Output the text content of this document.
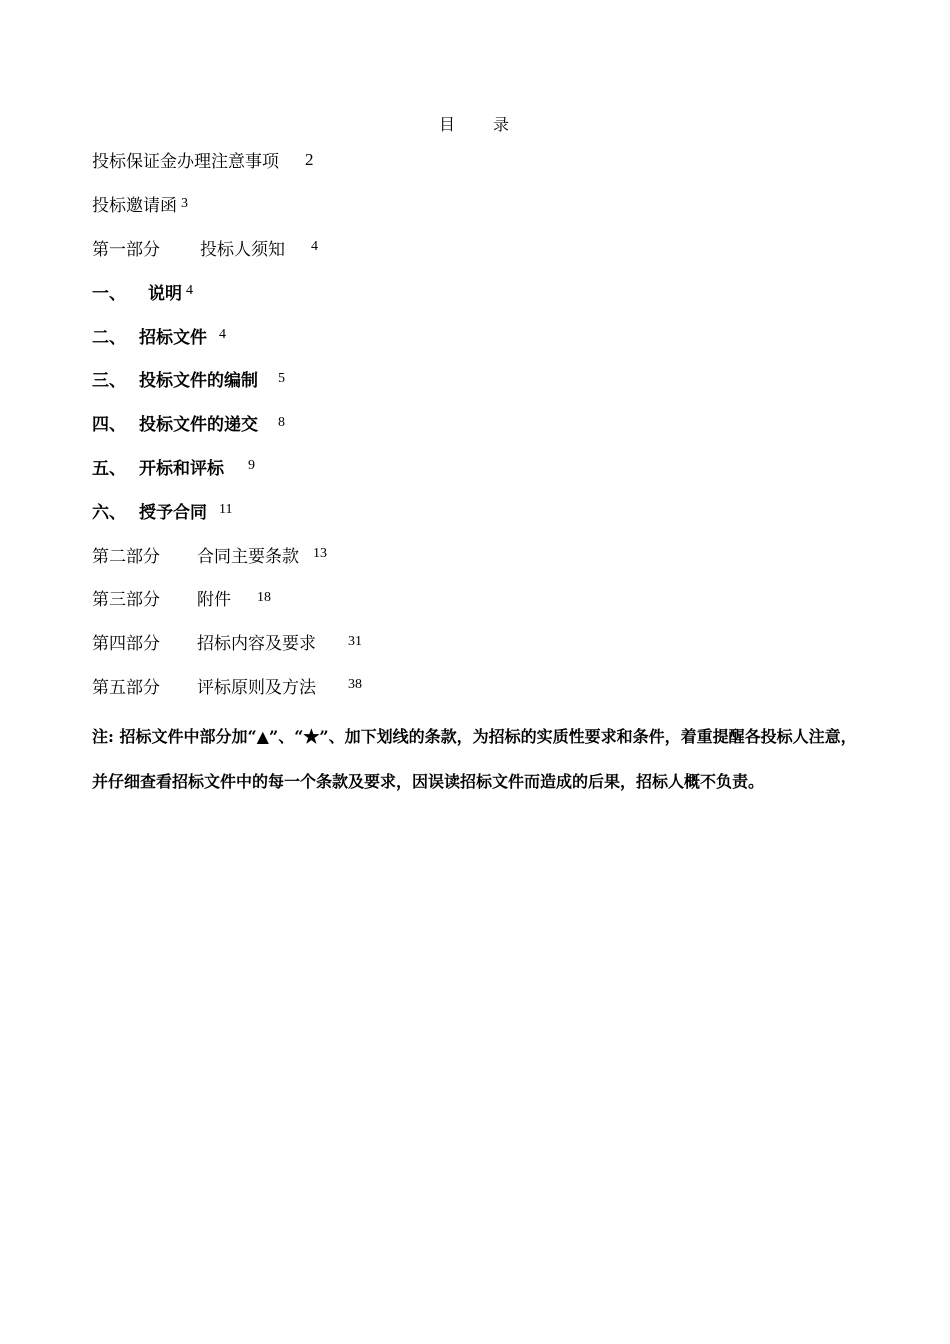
目　　录
投标保证金办理注意事项 2
投标邀请函 3
第一部分 投标人须知 4
一、	说明 4
二、 招标文件 4
三、 投标文件的编制 5
四、 投标文件的递交 8
五、 开标和评标 9
六、 授予合同 11
第二部分	合同主要条款 13
第三部分	附件 18
第四部分	招标内容及要求 31
第五部分	评标原则及方法 38
注: 招标文件中部分加“▲”、“★”、加下划线的条款，为招标的实质性要求和条件，着重提醒各投标人注意，并仔细查看招标文件中的每一个条款及要求，因误读招标文件而造成的后果，招标人概不负责。
